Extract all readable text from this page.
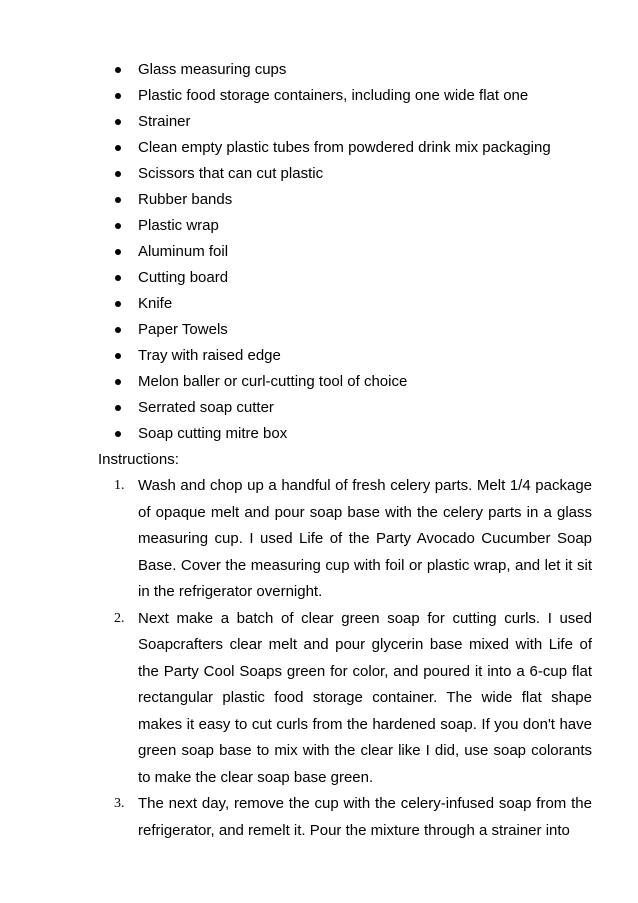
Glass measuring cups
Plastic food storage containers, including one wide flat one
Strainer
Clean empty plastic tubes from powdered drink mix packaging
Scissors that can cut plastic
Rubber bands
Plastic wrap
Aluminum foil
Cutting board
Knife
Paper Towels
Tray with raised edge
Melon baller or curl-cutting tool of choice
Serrated soap cutter
Soap cutting mitre box
Instructions:
1. Wash and chop up a handful of fresh celery parts. Melt 1/4 package of opaque melt and pour soap base with the celery parts in a glass measuring cup. I used Life of the Party Avocado Cucumber Soap Base. Cover the measuring cup with foil or plastic wrap, and let it sit in the refrigerator overnight.
2. Next make a batch of clear green soap for cutting curls. I used Soapcrafters clear melt and pour glycerin base mixed with Life of the Party Cool Soaps green for color, and poured it into a 6-cup flat rectangular plastic food storage container. The wide flat shape makes it easy to cut curls from the hardened soap. If you don't have green soap base to mix with the clear like I did, use soap colorants to make the clear soap base green.
3. The next day, remove the cup with the celery-infused soap from the refrigerator, and remelt it. Pour the mixture through a strainer into
